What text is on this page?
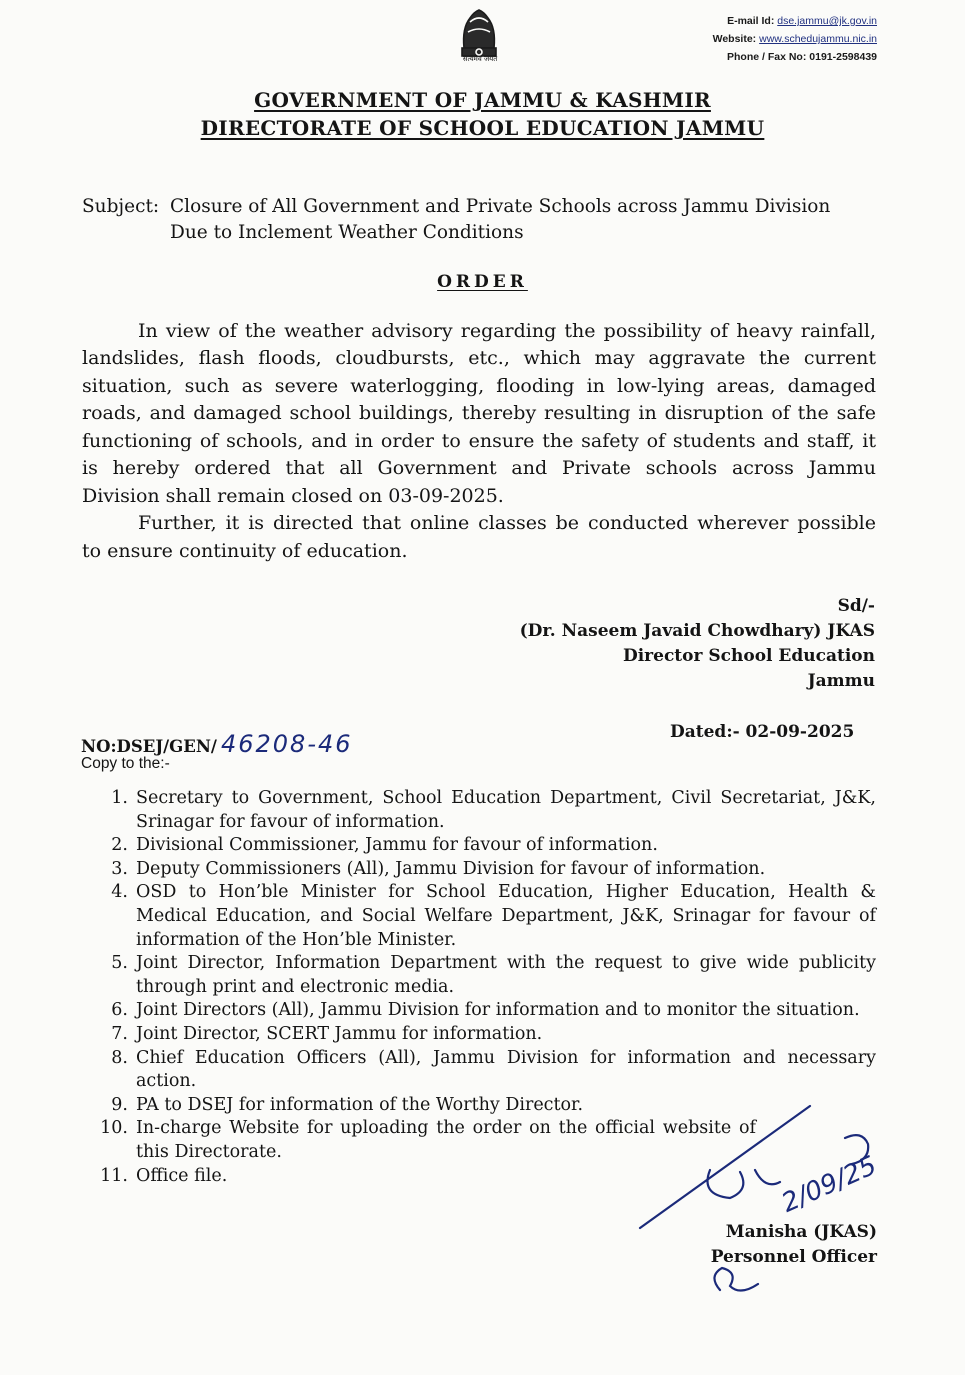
सत्यमेव जयते
E-mail Id: dse.jammu@jk.gov.in
Website: www.schedujammu.nic.in
Phone / Fax No: 0191-2598439
GOVERNMENT OF JAMMU & KASHMIR
DIRECTORATE OF SCHOOL EDUCATION JAMMU
Subject: Closure of All Government and Private Schools across Jammu Division
Due to Inclement Weather Conditions
ORDER
In view of the weather advisory regarding the possibility of heavy rainfall,
landslides, flash floods, cloudbursts, etc., which may aggravate the current
situation, such as severe waterlogging, flooding in low-lying areas, damaged
roads, and damaged school buildings, thereby resulting in disruption of the safe
functioning of schools, and in order to ensure the safety of students and staff, it
is hereby ordered that all Government and Private schools across Jammu
Division shall remain closed on 03-09-2025.
Further, it is directed that online classes be conducted wherever possible
to ensure continuity of education.
Sd/-
(Dr. Naseem Javaid Chowdhary) JKAS
Director School Education
Jammu
NO:DSEJ/GEN/ 46208-46	Dated:- 02-09-2025
Copy to the:-
1. Secretary to Government, School Education Department, Civil Secretariat, J&K, Srinagar for favour of information.
2. Divisional Commissioner, Jammu for favour of information.
3. Deputy Commissioners (All), Jammu Division for favour of information.
4. OSD to Hon’ble Minister for School Education, Higher Education, Health & Medical Education, and Social Welfare Department, J&K, Srinagar for favour of information of the Hon’ble Minister.
5. Joint Director, Information Department with the request to give wide publicity through print and electronic media.
6. Joint Directors (All), Jammu Division for information and to monitor the situation.
7. Joint Director, SCERT Jammu for information.
8. Chief Education Officers (All), Jammu Division for information and necessary action.
9. PA to DSEJ for information of the Worthy Director.
10. In-charge Website for uploading the order on the official website of this Directorate.
11. Office file.	2/09/25
Manisha (JKAS)
Personnel Officer
